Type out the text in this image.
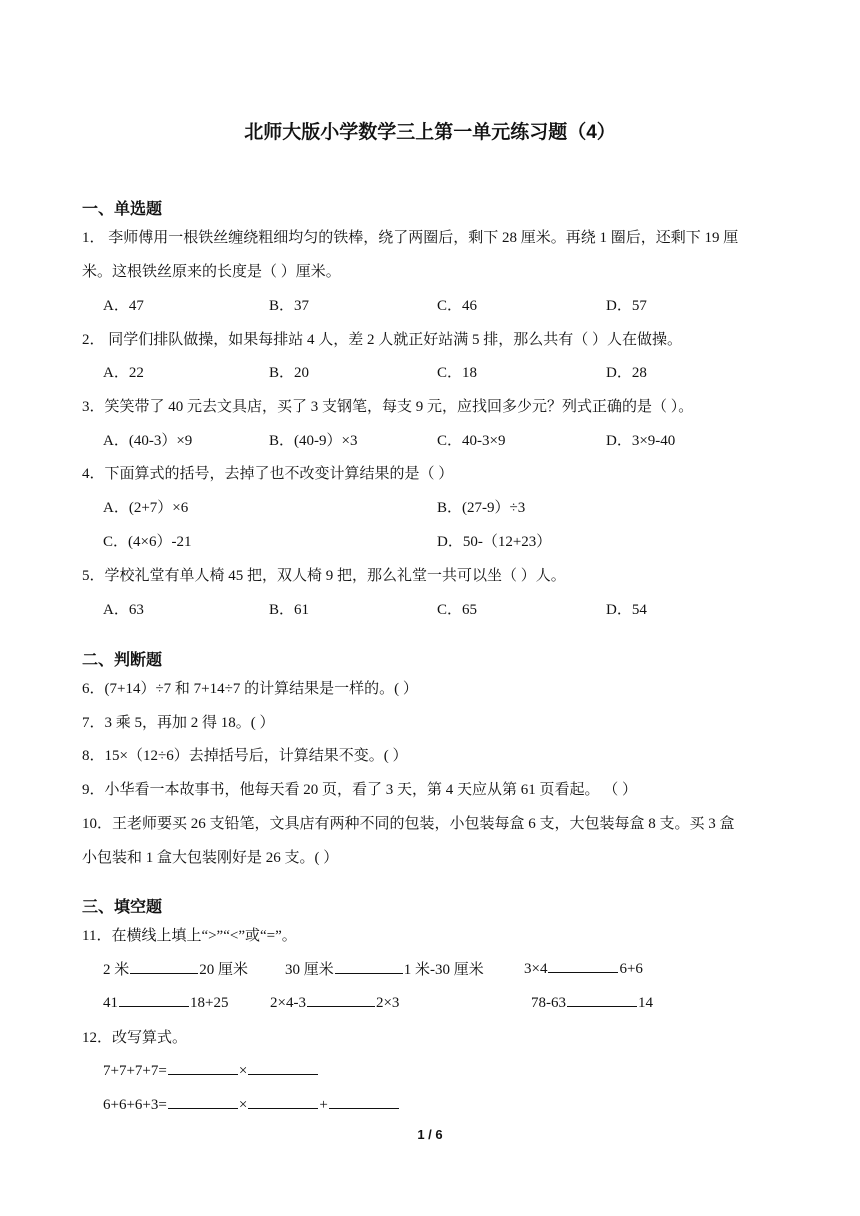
北师大版小学数学三上第一单元练习题（4）
一、单选题
1． 李师傅用一根铁丝缠绕粗细均匀的铁棒，绕了两圈后，剩下 28 厘米。再绕 1 圈后，还剩下 19 厘
米。这根铁丝原来的长度是（ ）厘米。
A．47	B．37	C．46	D．57
2． 同学们排队做操，如果每排站 4 人，差 2 人就正好站满 5 排，那么共有（ ）人在做操。
A．22	B．20	C．18	D．28
3．笑笑带了 40 元去文具店，买了 3 支钢笔，每支 9 元，应找回多少元？列式正确的是（ ）。
A．(40-3）×9	B．(40-9）×3	C．40-3×9	D．3×9-40
4．下面算式的括号，去掉了也不改变计算结果的是（ ）
A．(2+7）×6	B．(27-9）÷3
C．(4×6）-21	D．50-（12+23）
5．学校礼堂有单人椅 45 把，双人椅 9 把，那么礼堂一共可以坐（ ）人。
A．63	B．61	C．65	D．54
二、判断题
6．(7+14）÷7 和 7+14÷7 的计算结果是一样的。( ）
7．3 乘 5，再加 2 得 18。( ）
8．15×（12÷6）去掉括号后，计算结果不变。( ）
9．小华看一本故事书，他每天看 20 页，看了 3 天，第 4 天应从第 61 页看起。 （ ）
10．王老师要买 26 支铅笔，文具店有两种不同的包装，小包装每盒 6 支，大包装每盒 8 支。买 3 盒
小包装和 1 盒大包装刚好是 26 支。( ）
三、填空题
11．在横线上填上“>”“<”或“=”。
2 米	20 厘米 30 厘米	1 米-30 厘米	3×4	6+6
41	18+25	2×4-3	2×3	78-63	14
12．改写算式。
7+7+7+7=	×
6+6+6+3=	×	+
1 / 6
